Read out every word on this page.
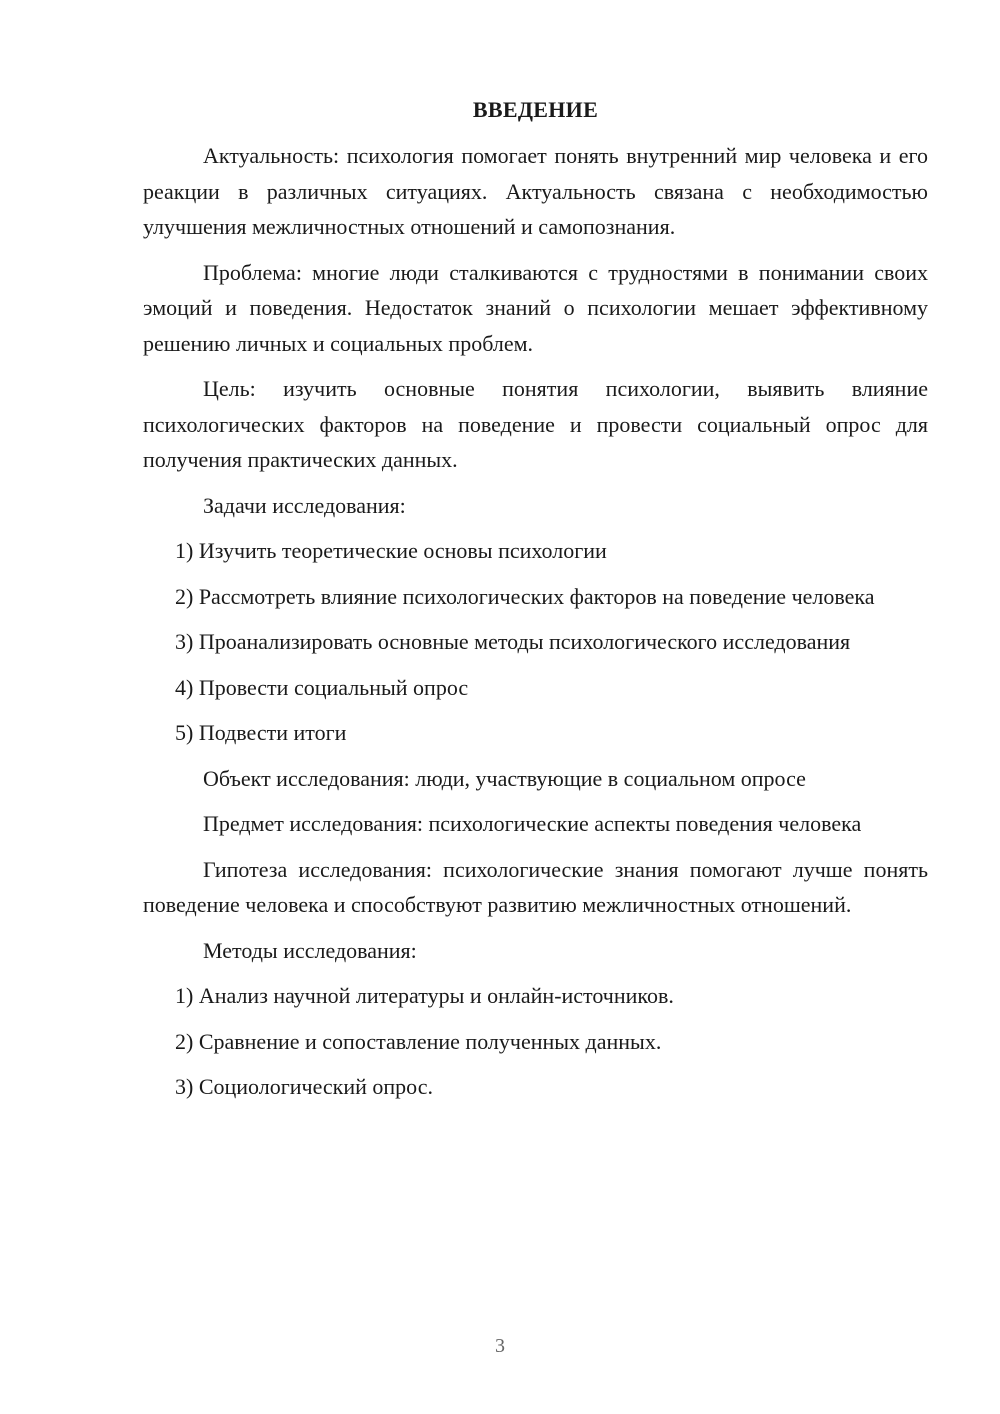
ВВЕДЕНИЕ

Актуальность: психология помогает понять внутренний мир человека и его реакции в различных ситуациях. Актуальность связана с необходимостью улучшения межличностных отношений и самопознания.

Проблема: многие люди сталкиваются с трудностями в понимании своих эмоций и поведения. Недостаток знаний о психологии мешает эффективному решению личных и социальных проблем.

Цель: изучить основные понятия психологии, выявить влияние психологических факторов на поведение и провести социальный опрос для получения практических данных.

Задачи исследования:

1) Изучить теоретические основы психологии

2) Рассмотреть влияние психологических факторов на поведение человека

3) Проанализировать основные методы психологического исследования

4) Провести социальный опрос

5) Подвести итоги

Объект исследования: люди, участвующие в социальном опросе

Предмет исследования: психологические аспекты поведения человека

Гипотеза исследования: психологические знания помогают лучше понять поведение человека и способствуют развитию межличностных отношений.

Методы исследования:

1) Анализ научной литературы и онлайн-источников.

2) Сравнение и сопоставление полученных данных.

3) Социологический опрос.

3
